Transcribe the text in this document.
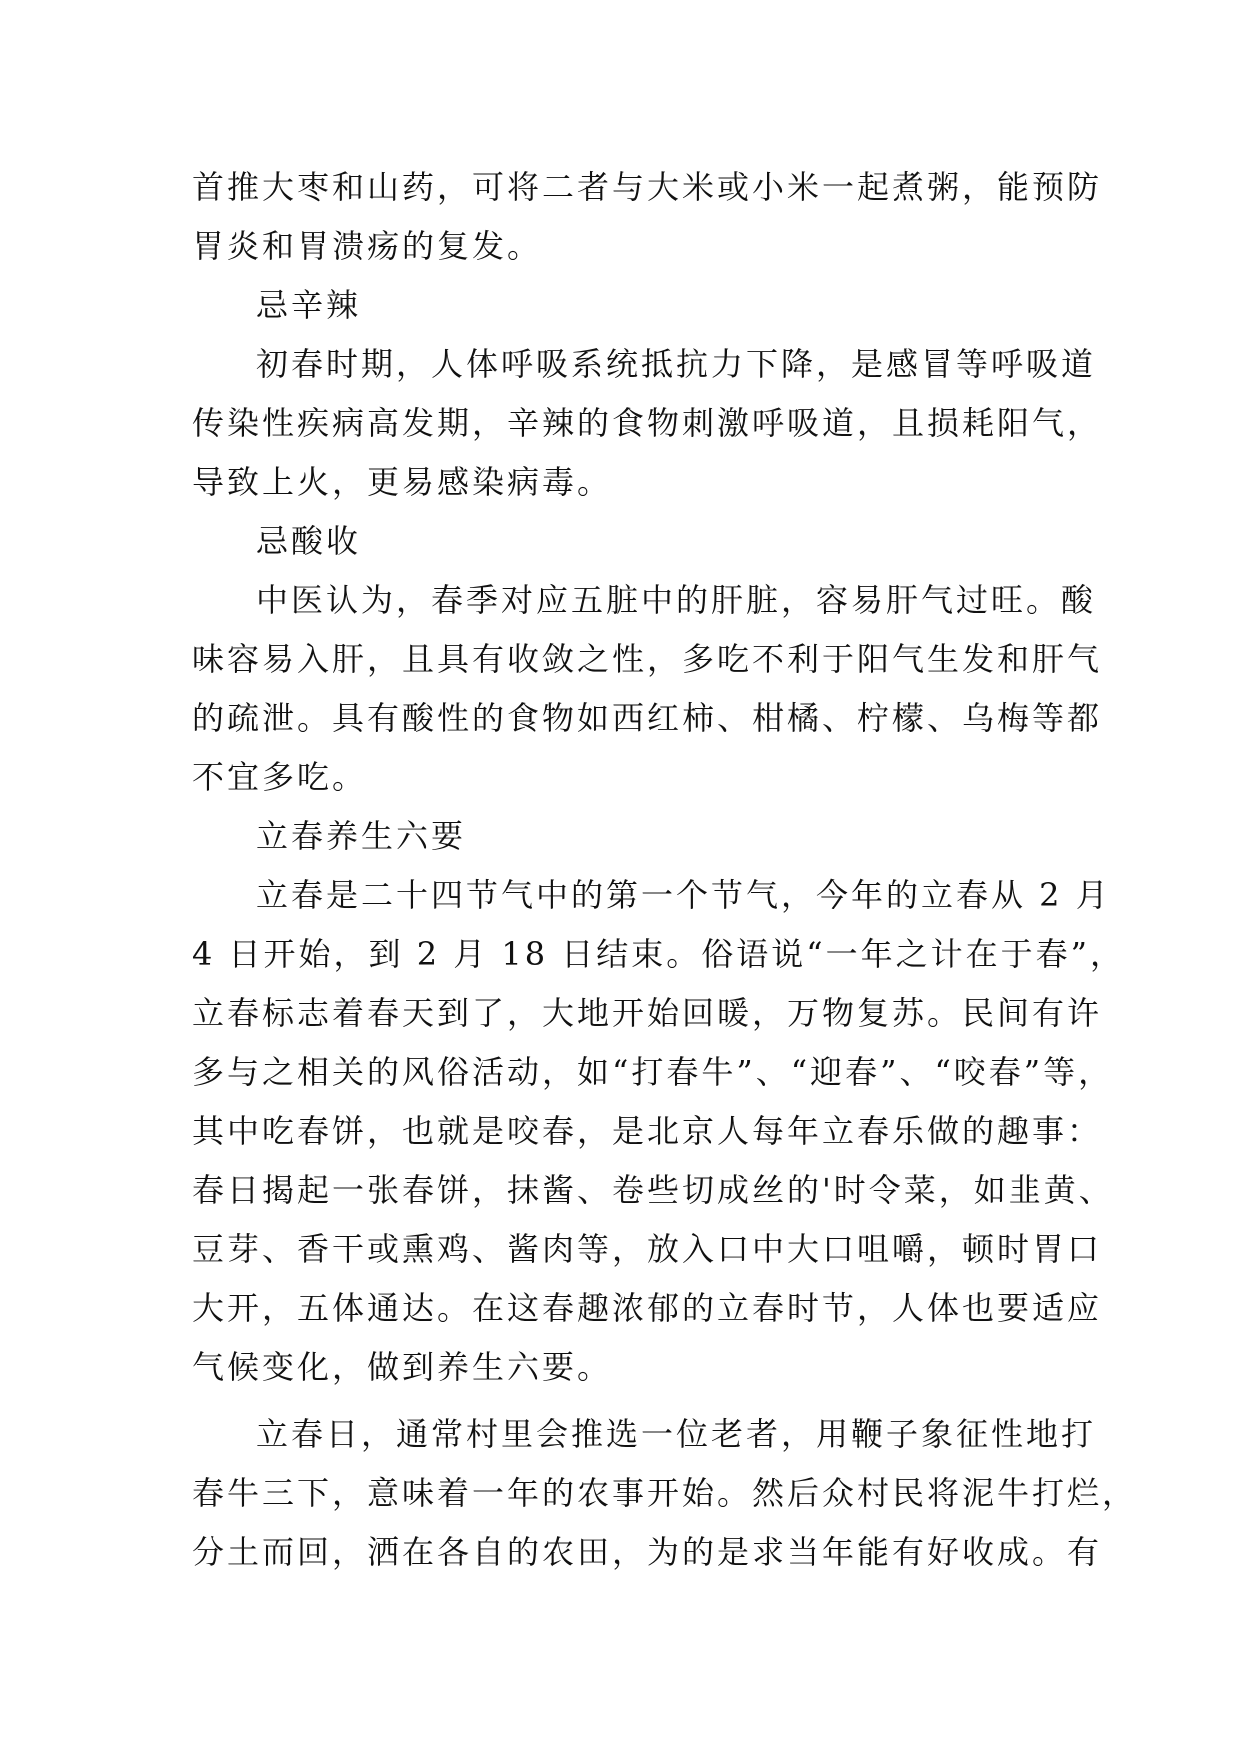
首推大枣和山药，可将二者与大米或小米一起煮粥，能预防
胃炎和胃溃疡的复发。
忌辛辣
初春时期，人体呼吸系统抵抗力下降，是感冒等呼吸道
传染性疾病高发期，辛辣的食物刺激呼吸道，且损耗阳气，
导致上火，更易感染病毒。
忌酸收
中医认为，春季对应五脏中的肝脏，容易肝气过旺。酸
味容易入肝，且具有收敛之性，多吃不利于阳气生发和肝气
的疏泄。具有酸性的食物如西红柿、柑橘、柠檬、乌梅等都
不宜多吃。
立春养生六要
立春是二十四节气中的第一个节气，今年的立春从 2 月
4 日开始，到 2 月 18 日结束。俗语说“一年之计在于春”，
立春标志着春天到了，大地开始回暖，万物复苏。民间有许
多与之相关的风俗活动，如“打春牛”、“迎春”、“咬春”等，
其中吃春饼，也就是咬春，是北京人每年立春乐做的趣事：
春日揭起一张春饼，抹酱、卷些切成丝的'时令菜，如韭黄、
豆芽、香干或熏鸡、酱肉等，放入口中大口咀嚼，顿时胃口
大开，五体通达。在这春趣浓郁的立春时节，人体也要适应
气候变化，做到养生六要。
立春日，通常村里会推选一位老者，用鞭子象征性地打
春牛三下，意味着一年的农事开始。然后众村民将泥牛打烂，
分土而回，洒在各自的农田，为的是求当年能有好收成。有
